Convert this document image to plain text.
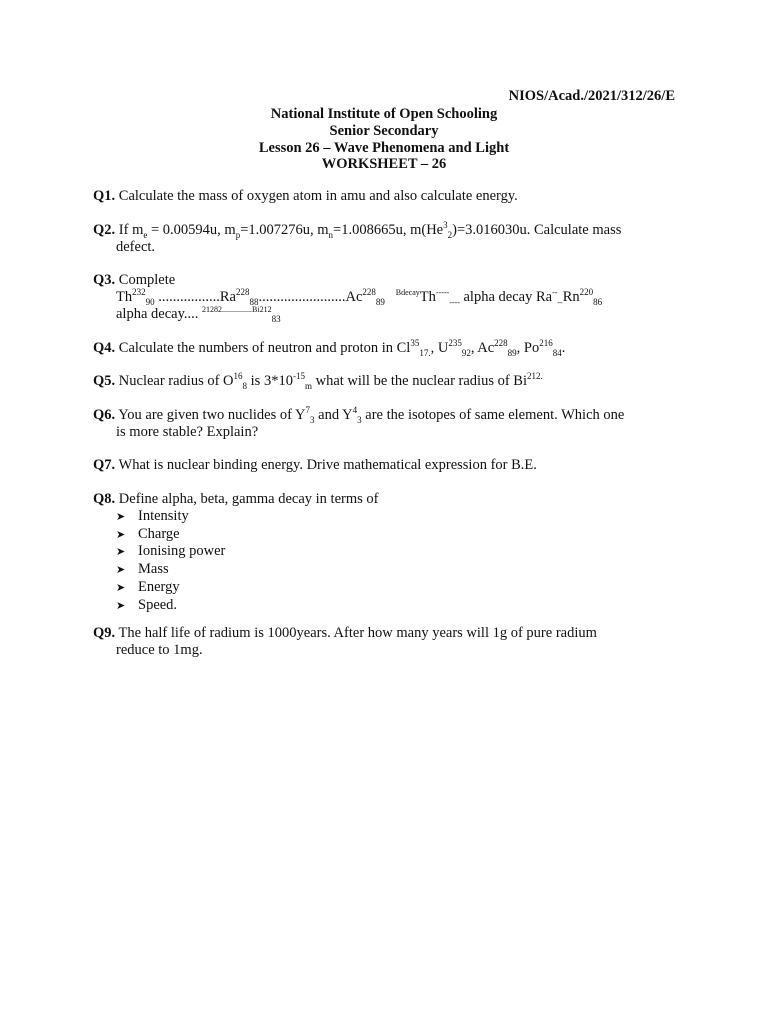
NIOS/Acad./2021/312/26/E
National Institute of Open Schooling
Senior Secondary
Lesson 26 – Wave Phenomena and Light
WORKSHEET – 26
Q1. Calculate the mass of oxygen atom in amu and also calculate energy.
Q2. If $m_e = 0.00594u$, $m_p=1.007276u$, $m_n=1.008665u$, $m(He^3_2)=3.016030u$. Calculate mass
defect.
Q3. Complete
$Th^{232}_{90}$ $.................Ra^{228}_{88}........................Ac^{228}_{89}$   $^{Bdecay}Th^{-----}_{----}$ alpha decay $Ra^{--}_{--}Rn^{220}_{86}$
alpha decay.... $^{21282...............Bi212}_{83}$
Q4. Calculate the numbers of neutron and proton in $Cl^{35}_{17.}$, $U^{235}_{92}$, $Ac^{228}_{89}$, $Po^{216}_{84}$.
Q5. Nuclear radius of $O^{16}_8$ is $3*10^{-15}_m$ what will be the nuclear radius of $Bi^{212.}$
Q6. You are given two nuclides of $Y^7_3$ and $Y^4_3$ are the isotopes of same element. Which one
is more stable? Explain?
Q7. What is nuclear binding energy. Drive mathematical expression for B.E.
Q8. Define alpha, beta, gamma decay in terms of
➤ Intensity
➤ Charge
➤ Ionising power
➤ Mass
➤ Energy
➤ Speed.
Q9. The half life of radium is 1000years. After how many years will 1g of pure radium
reduce to 1mg.
